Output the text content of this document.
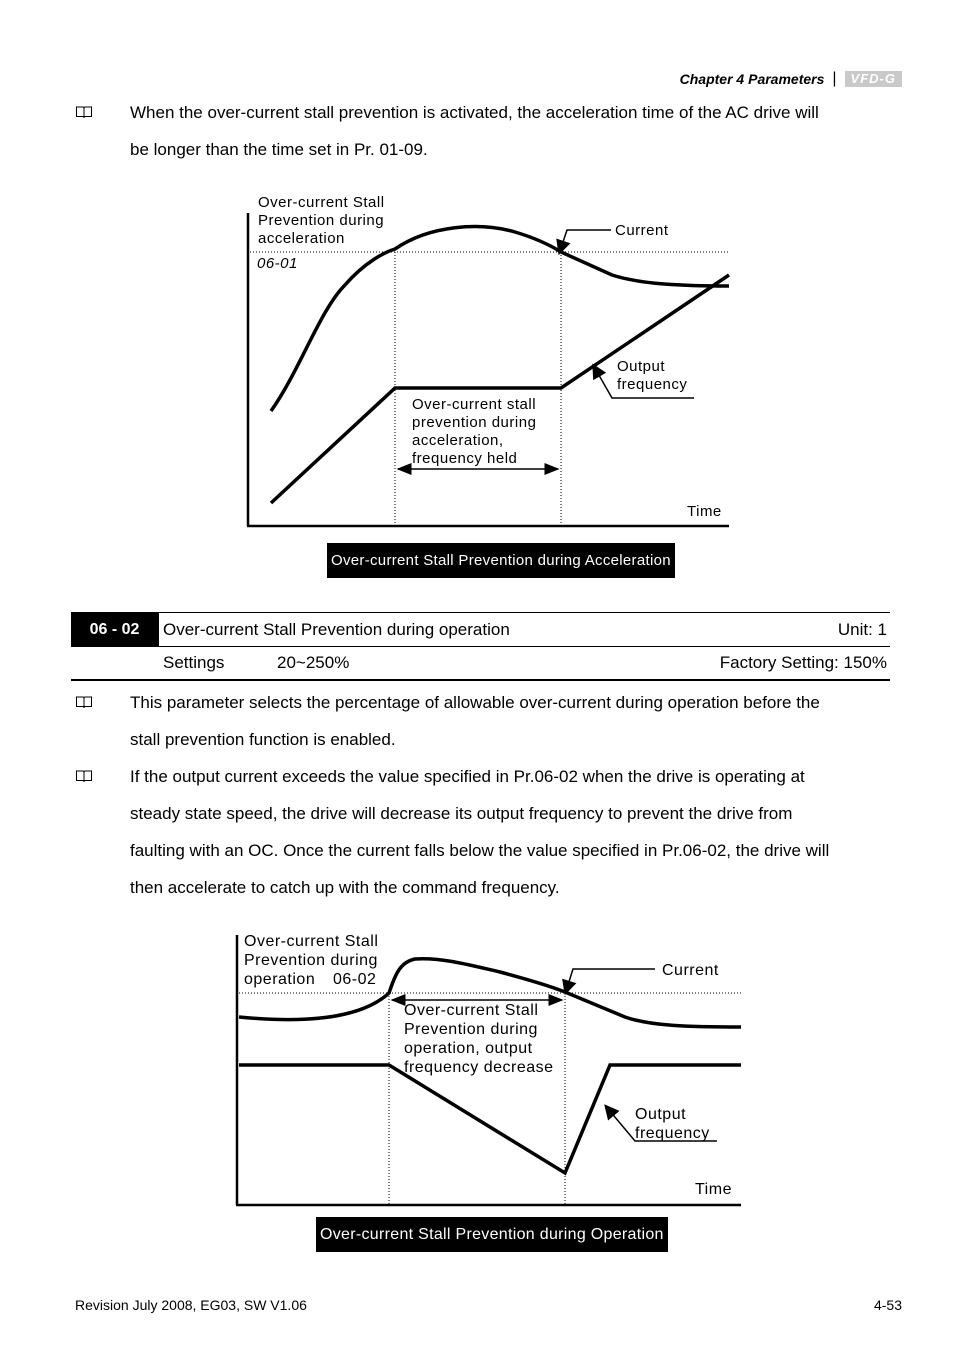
Chapter 4 Parameters |	VFD-G
When the over-current stall prevention is activated, the acceleration time of the AC drive will
be longer than the time set in Pr. 01-09.
Over-current Stall
Prevention during
acceleration
06-01
Current
Output
frequency
Over-current stall
prevention during
acceleration,
frequency held
Time
Over-current Stall Prevention during Acceleration
06 - 02	Over-current Stall Prevention during operation	Unit: 1
Settings	20~250%	Factory Setting: 150%
This parameter selects the percentage of allowable over-current during operation before the
stall prevention function is enabled.
If the output current exceeds the value specified in Pr.06-02 when the drive is operating at
steady state speed, the drive will decrease its output frequency to prevent the drive from
faulting with an OC. Once the current falls below the value specified in Pr.06-02, the drive will
then accelerate to catch up with the command frequency.
Over-current Stall
Prevention during
operation	06-02
Current
Over-current Stall
Prevention during
operation, output
frequency decrease
Output
frequency
Time
Over-current Stall Prevention during Operation
Revision July 2008, EG03, SW V1.06	4-53
